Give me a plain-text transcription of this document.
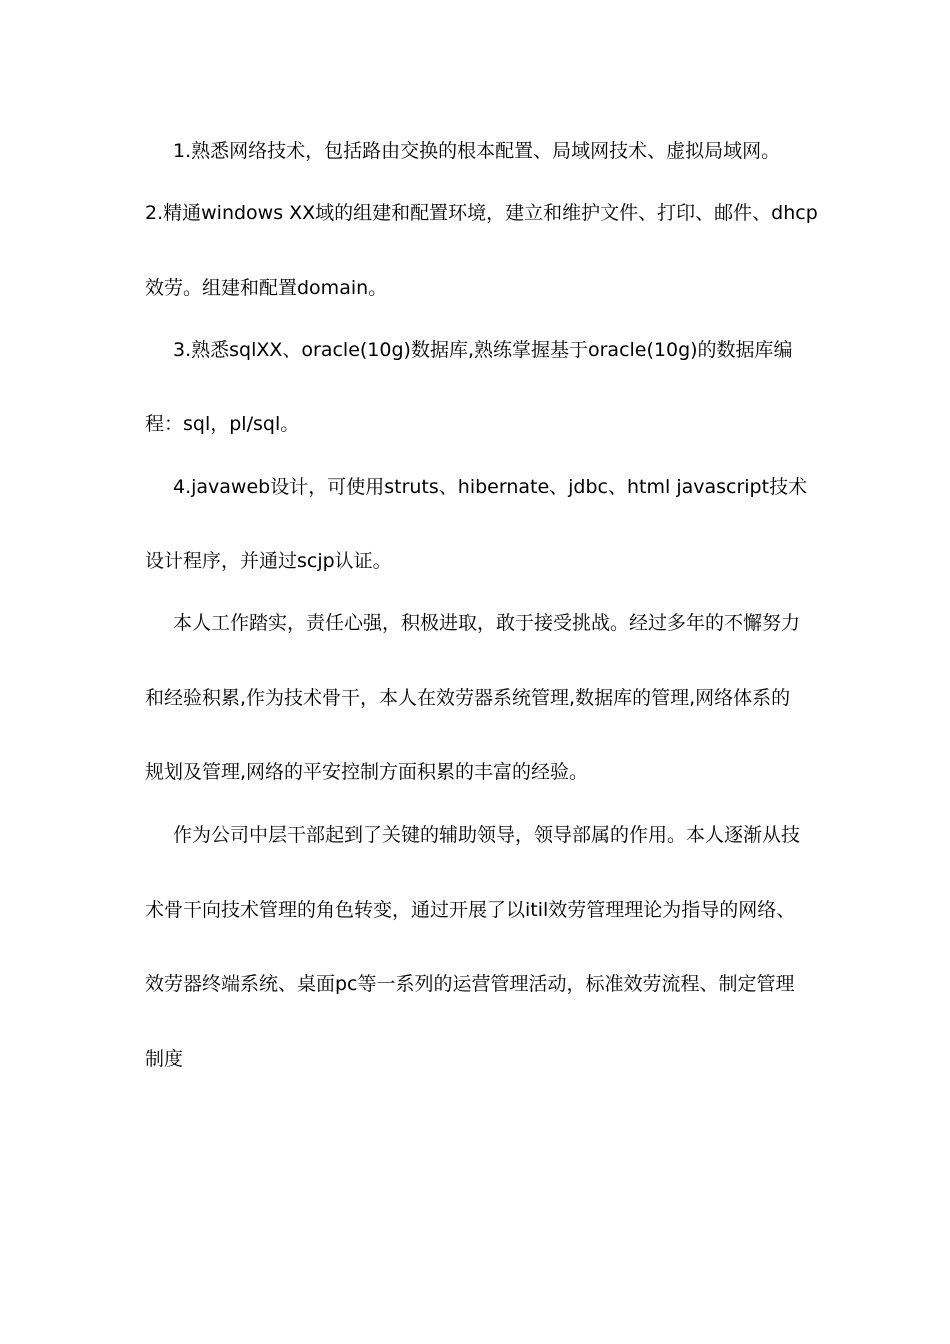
1.熟悉网络技术，包括路由交换的根本配置、局域网技术、虚拟局域网。
2.精通windows XX域的组建和配置环境，建立和维护文件、打印、邮件、dhcp
效劳。组建和配置domain。
3.熟悉sqlXX、oracle(10g)数据库,熟练掌握基于oracle(10g)的数据库编
程：sql，pl/sql。
4.javaweb设计，可使用struts、hibernate、jdbc、html javascript技术
设计程序，并通过scjp认证。
本人工作踏实，责任心强，积极进取，敢于接受挑战。经过多年的不懈努力
和经验积累,作为技术骨干，本人在效劳器系统管理,数据库的管理,网络体系的
规划及管理,网络的平安控制方面积累的丰富的经验。
作为公司中层干部起到了关键的辅助领导，领导部属的作用。本人逐渐从技
术骨干向技术管理的角色转变，通过开展了以itil效劳管理理论为指导的网络、
效劳器终端系统、桌面pc等一系列的运营管理活动，标准效劳流程、制定管理
制度
